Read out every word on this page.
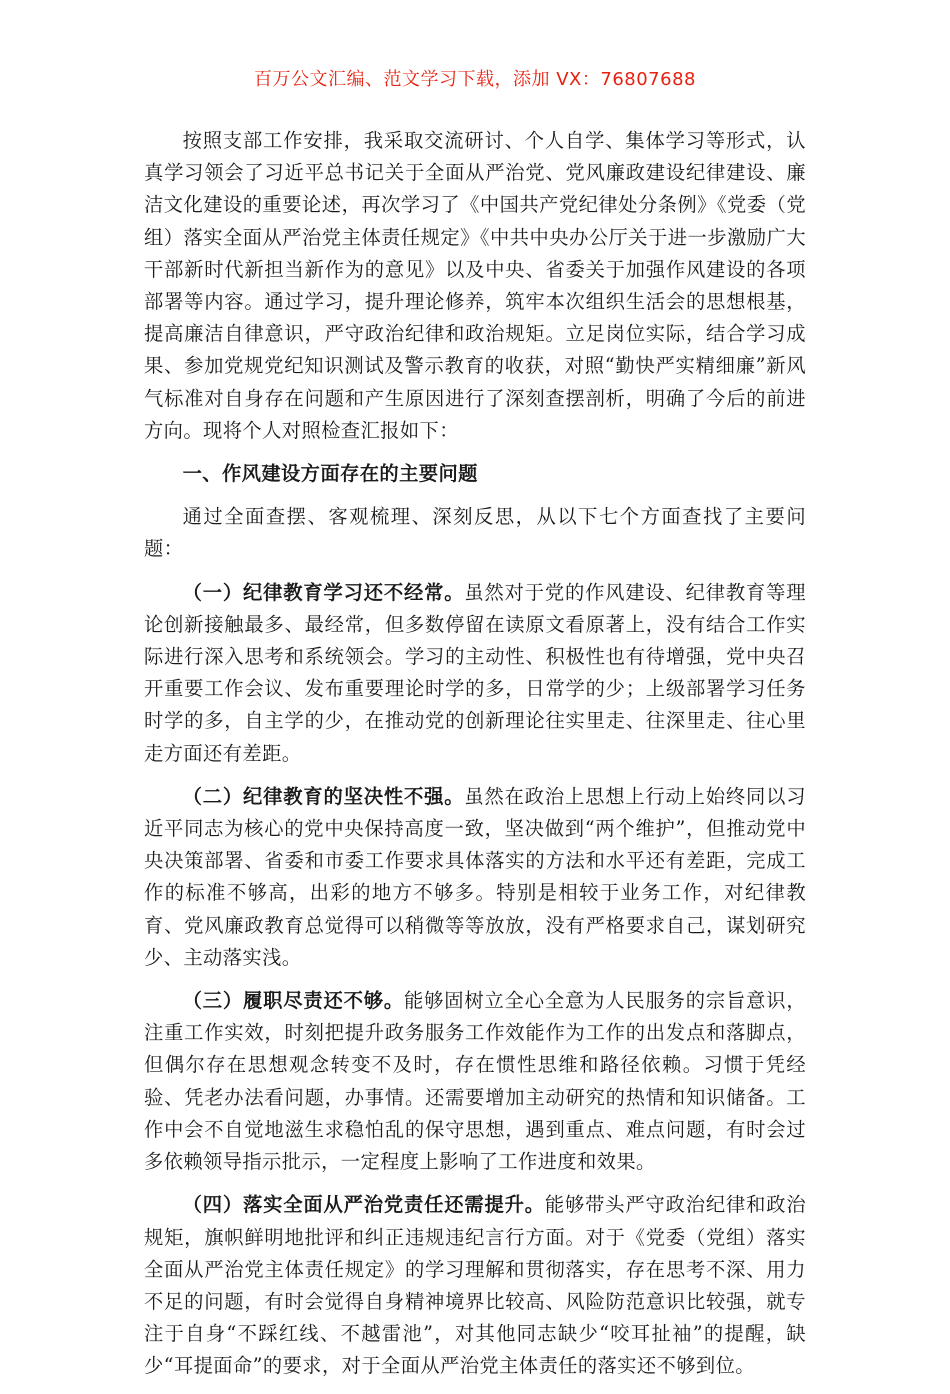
百万公文汇编、范文学习下载，添加 VX：76807688

按照支部工作安排，我采取交流研讨、个人自学、集体学习等形式，认真学习领会了习近平总书记关于全面从严治党、党风廉政建设纪律建设、廉洁文化建设的重要论述，再次学习了《中国共产党纪律处分条例》《党委（党组）落实全面从严治党主体责任规定》《中共中央办公厅关于进一步激励广大干部新时代新担当新作为的意见》以及中央、省委关于加强作风建设的各项部署等内容。通过学习，提升理论修养，筑牢本次组织生活会的思想根基，提高廉洁自律意识，严守政治纪律和政治规矩。立足岗位实际，结合学习成果、参加党规党纪知识测试及警示教育的收获，对照“勤快严实精细廉”新风气标准对自身存在问题和产生原因进行了深刻查摆剖析，明确了今后的前进方向。现将个人对照检查汇报如下：

一、作风建设方面存在的主要问题

通过全面查摆、客观梳理、深刻反思，从以下七个方面查找了主要问题：

（一）纪律教育学习还不经常。虽然对于党的作风建设、纪律教育等理论创新接触最多、最经常，但多数停留在读原文看原著上，没有结合工作实际进行深入思考和系统领会。学习的主动性、积极性也有待增强，党中央召开重要工作会议、发布重要理论时学的多，日常学的少；上级部署学习任务时学的多，自主学的少，在推动党的创新理论往实里走、往深里走、往心里走方面还有差距。

（二）纪律教育的坚决性不强。虽然在政治上思想上行动上始终同以习近平同志为核心的党中央保持高度一致，坚决做到“两个维护”，但推动党中央决策部署、省委和市委工作要求具体落实的方法和水平还有差距，完成工作的标准不够高，出彩的地方不够多。特别是相较于业务工作，对纪律教育、党风廉政教育总觉得可以稍微等等放放，没有严格要求自己，谋划研究少、主动落实浅。

（三）履职尽责还不够。能够固树立全心全意为人民服务的宗旨意识，注重工作实效，时刻把提升政务服务工作效能作为工作的出发点和落脚点，但偶尔存在思想观念转变不及时，存在惯性思维和路径依赖。习惯于凭经验、凭老办法看问题，办事情。还需要增加主动研究的热情和知识储备。工作中会不自觉地滋生求稳怕乱的保守思想，遇到重点、难点问题，有时会过多依赖领导指示批示，一定程度上影响了工作进度和效果。

（四）落实全面从严治党责任还需提升。能够带头严守政治纪律和政治规矩，旗帜鲜明地批评和纠正违规违纪言行方面。对于《党委（党组）落实全面从严治党主体责任规定》的学习理解和贯彻落实，存在思考不深、用力不足的问题，有时会觉得自身精神境界比较高、风险防范意识比较强，就专注于自身“不踩红线、不越雷池”，对其他同志缺少“咬耳扯袖”的提醒，缺少“耳提面命”的要求，对于全面从严治党主体责任的落实还不够到位。
